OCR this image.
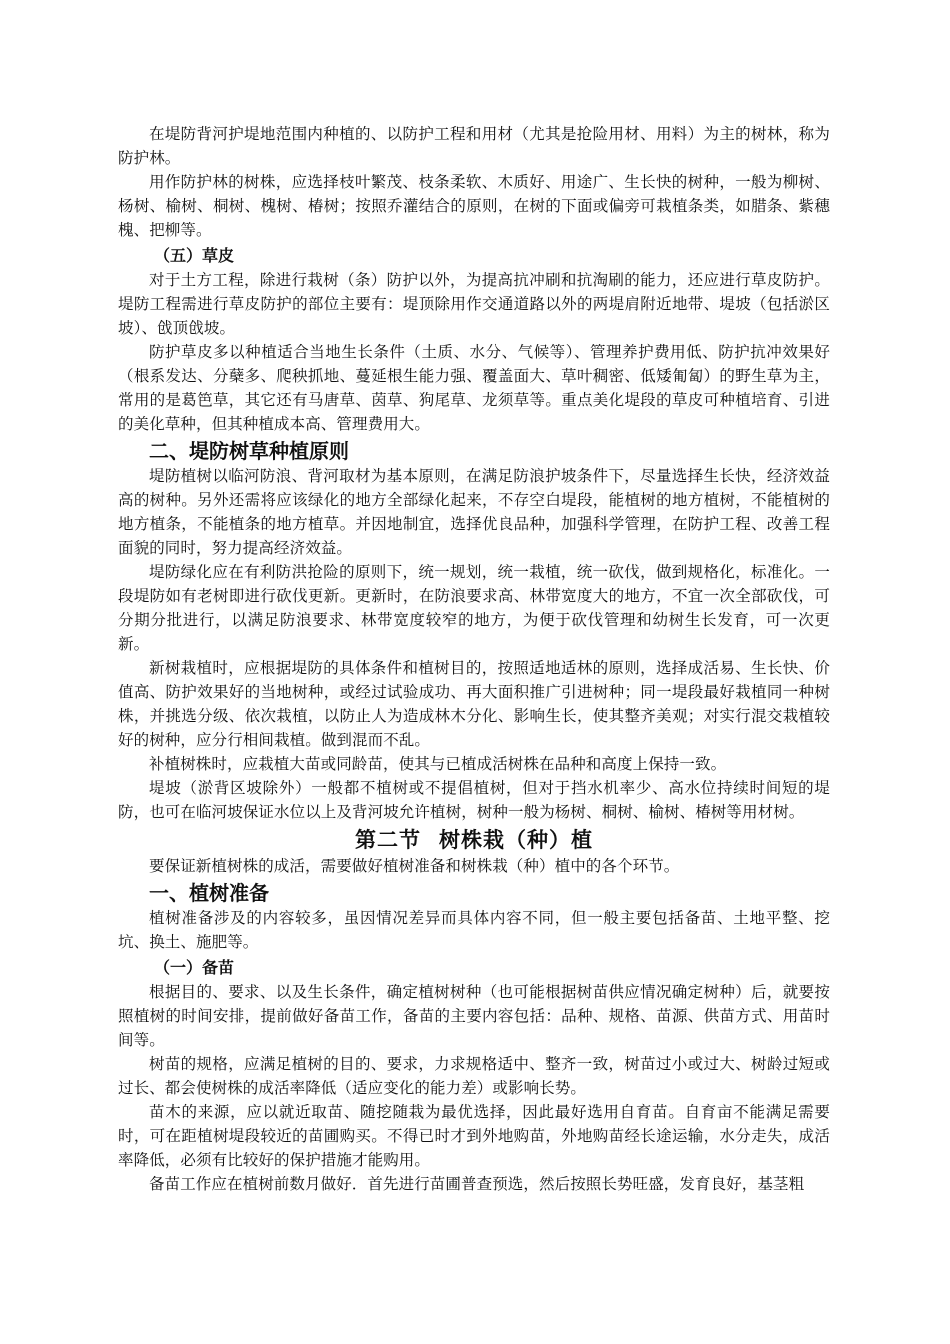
在堤防背河护堤地范围内种植的、以防护工程和用材（尤其是抢险用材、用料）为主的树林，称为防护林。

用作防护林的树株，应选择枝叶繁茂、枝条柔软、木质好、用途广、生长快的树种，一般为柳树、杨树、榆树、桐树、槐树、椿树；按照乔灌结合的原则，在树的下面或偏旁可栽植条类，如腊条、紫穗槐、把柳等。

（五）草皮

对于土方工程，除进行栽树（条）防护以外，为提高抗冲刷和抗淘刷的能力，还应进行草皮防护。堤防工程需进行草皮防护的部位主要有：堤顶除用作交通道路以外的两堤肩附近地带、堤坡（包括淤区坡）、戗顶戗坡。

防护草皮多以种植适合当地生长条件（土质、水分、气候等）、管理养护费用低、防护抗冲效果好（根系发达、分蘖多、爬秧抓地、蔓延根生能力强、覆盖面大、草叶稠密、低矮匍匐）的野生草为主，常用的是葛笆草，其它还有马唐草、茵草、狗尾草、龙须草等。重点美化堤段的草皮可种植培育、引进的美化草种，但其种植成本高、管理费用大。

二、堤防树草种植原则

堤防植树以临河防浪、背河取材为基本原则，在满足防浪护坡条件下，尽量选择生长快，经济效益高的树种。另外还需将应该绿化的地方全部绿化起来，不存空白堤段，能植树的地方植树，不能植树的地方植条，不能植条的地方植草。并因地制宜，选择优良品种，加强科学管理，在防护工程、改善工程面貌的同时，努力提高经济效益。

堤防绿化应在有利防洪抢险的原则下，统一规划，统一栽植，统一砍伐，做到规格化，标准化。一段堤防如有老树即进行砍伐更新。更新时，在防浪要求高、林带宽度大的地方，不宜一次全部砍伐，可分期分批进行，以满足防浪要求、林带宽度较窄的地方，为便于砍伐管理和幼树生长发育，可一次更新。

新树栽植时，应根据堤防的具体条件和植树目的，按照适地适林的原则，选择成活易、生长快、价值高、防护效果好的当地树种，或经过试验成功、再大面积推广引进树种；同一堤段最好栽植同一种树株，并挑选分级、依次栽植，以防止人为造成林木分化、影响生长，使其整齐美观；对实行混交栽植较好的树种，应分行相间栽植。做到混而不乱。

补植树株时，应栽植大苗或同龄苗，使其与已植成活树株在品种和高度上保持一致。

堤坡（淤背区坡除外）一般都不植树或不提倡植树，但对于挡水机率少、高水位持续时间短的堤防，也可在临河坡保证水位以上及背河坡允许植树，树种一般为杨树、桐树、榆树、椿树等用材树。

第二节 树株栽（种）植

要保证新植树株的成活，需要做好植树准备和树株栽（种）植中的各个环节。

一、植树准备

植树准备涉及的内容较多，虽因情况差异而具体内容不同，但一般主要包括备苗、土地平整、挖坑、换土、施肥等。

（一）备苗

根据目的、要求、以及生长条件，确定植树树种（也可能根据树苗供应情况确定树种）后，就要按照植树的时间安排，提前做好备苗工作，备苗的主要内容包括：品种、规格、苗源、供苗方式、用苗时间等。

树苗的规格，应满足植树的目的、要求，力求规格适中、整齐一致，树苗过小或过大、树龄过短或过长、都会使树株的成活率降低（适应变化的能力差）或影响长势。

苗木的来源，应以就近取苗、随挖随栽为最优选择，因此最好选用自育苗。自育亩不能满足需要时，可在距植树堤段较近的苗圃购买。不得已时才到外地购苗，外地购苗经长途运输，水分走失，成活率降低，必须有比较好的保护措施才能购用。

备苗工作应在植树前数月做好．首先进行苗圃普查预选，然后按照长势旺盛，发育良好，基茎粗
